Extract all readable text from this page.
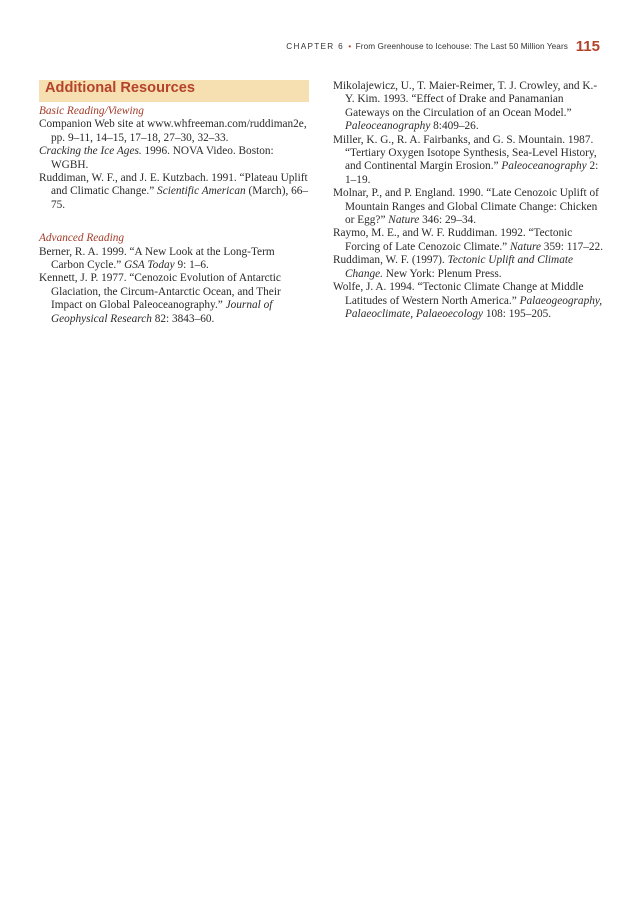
CHAPTER 6 • From Greenhouse to Icehouse: The Last 50 Million Years 115
Additional Resources

Basic Reading/Viewing

Companion Web site at www.whfreeman.com/ruddiman2e, pp. 9–11, 14–15, 17–18, 27–30, 32–33.

Cracking the Ice Ages. 1996. NOVA Video. Boston: WGBH.

Ruddiman, W. F., and J. E. Kutzbach. 1991. “Plateau Uplift and Climatic Change.” Scientific American (March), 66–75.

Advanced Reading

Berner, R. A. 1999. “A New Look at the Long-Term Carbon Cycle.” GSA Today 9: 1–6.

Kennett, J. P. 1977. “Cenozoic Evolution of Antarctic Glaciation, the Circum-Antarctic Ocean, and Their Impact on Global Paleoceanography.” Journal of Geophysical Research 82: 3843–60.

Mikolajewicz, U., T. Maier-Reimer, T. J. Crowley, and K.-Y. Kim. 1993. “Effect of Drake and Panamanian Gateways on the Circulation of an Ocean Model.” Paleoceanography 8:409–26.

Miller, K. G., R. A. Fairbanks, and G. S. Mountain. 1987. “Tertiary Oxygen Isotope Synthesis, Sea-Level History, and Continental Margin Erosion.” Paleoceanography 2: 1–19.

Molnar, P., and P. England. 1990. “Late Cenozoic Uplift of Mountain Ranges and Global Climate Change: Chicken or Egg?” Nature 346: 29–34.

Raymo, M. E., and W. F. Ruddiman. 1992. “Tectonic Forcing of Late Cenozoic Climate.” Nature 359: 117–22.

Ruddiman, W. F. (1997). Tectonic Uplift and Climate Change. New York: Plenum Press.

Wolfe, J. A. 1994. “Tectonic Climate Change at Middle Latitudes of Western North America.” Palaeogeography, Palaeoclimate, Palaeoecology 108: 195–205.
